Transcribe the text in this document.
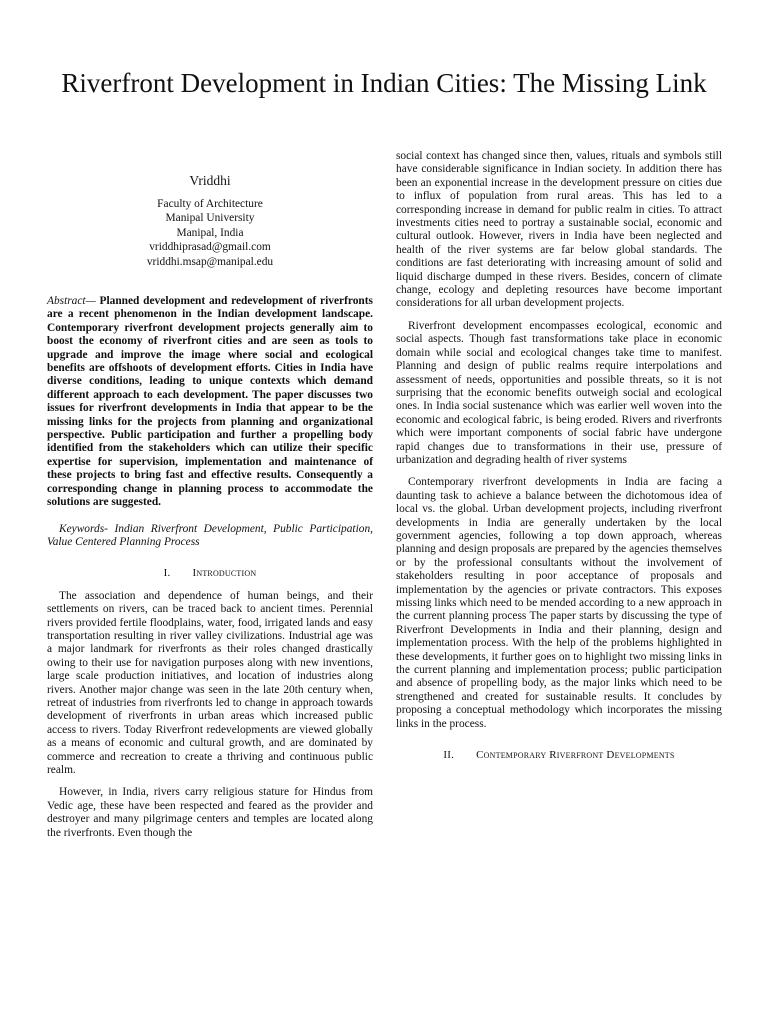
Riverfront Development in Indian Cities: The Missing Link
Vriddhi
Faculty of Architecture
Manipal University
Manipal, India
vriddhiprasad@gmail.com
vriddhi.msap@manipal.edu
Abstract— Planned development and redevelopment of riverfronts are a recent phenomenon in the Indian development landscape. Contemporary riverfront development projects generally aim to boost the economy of riverfront cities and are seen as tools to upgrade and improve the image where social and ecological benefits are offshoots of development efforts. Cities in India have diverse conditions, leading to unique contexts which demand different approach to each development. The paper discusses two issues for riverfront developments in India that appear to be the missing links for the projects from planning and organizational perspective. Public participation and further a propelling body identified from the stakeholders which can utilize their specific expertise for supervision, implementation and maintenance of these projects to bring fast and effective results. Consequently a corresponding change in planning process to accommodate the solutions are suggested.
Keywords- Indian Riverfront Development, Public Participation, Value Centered Planning Process
I. Introduction

The association and dependence of human beings, and their settlements on rivers, can be traced back to ancient times. Perennial rivers provided fertile floodplains, water, food, irrigated lands and easy transportation resulting in river valley civilizations. Industrial age was a major landmark for riverfronts as their roles changed drastically owing to their use for navigation purposes along with new inventions, large scale production initiatives, and location of industries along rivers. Another major change was seen in the late 20th century when, retreat of industries from riverfronts led to change in approach towards development of riverfronts in urban areas which increased public access to rivers. Today Riverfront redevelopments are viewed globally as a means of economic and cultural growth, and are dominated by commerce and recreation to create a thriving and continuous public realm.

However, in India, rivers carry religious stature for Hindus from Vedic age, these have been respected and feared as the provider and destroyer and many pilgrimage centers and temples are located along the riverfronts. Even though the

social context has changed since then, values, rituals and symbols still have considerable significance in Indian society. In addition there has been an exponential increase in the development pressure on cities due to influx of population from rural areas. This has led to a corresponding increase in demand for public realm in cities. To attract investments cities need to portray a sustainable social, economic and cultural outlook. However, rivers in India have been neglected and health of the river systems are far below global standards. The conditions are fast deteriorating with increasing amount of solid and liquid discharge dumped in these rivers. Besides, concern of climate change, ecology and depleting resources have become important considerations for all urban development projects.

Riverfront development encompasses ecological, economic and social aspects. Though fast transformations take place in economic domain while social and ecological changes take time to manifest. Planning and design of public realms require interpolations and assessment of needs, opportunities and possible threats, so it is not surprising that the economic benefits outweigh social and ecological ones. In India social sustenance which was earlier well woven into the economic and ecological fabric, is being eroded. Rivers and riverfronts which were important components of social fabric have undergone rapid changes due to transformations in their use, pressure of urbanization and degrading health of river systems

Contemporary riverfront developments in India are facing a daunting task to achieve a balance between the dichotomous idea of local vs. the global. Urban development projects, including riverfront developments in India are generally undertaken by the local government agencies, following a top down approach, whereas planning and design proposals are prepared by the agencies themselves or by the professional consultants without the involvement of stakeholders resulting in poor acceptance of proposals and implementation by the agencies or private contractors. This exposes missing links which need to be mended according to a new approach in the current planning process The paper starts by discussing the type of Riverfront Developments in India and their planning, design and implementation process. With the help of the problems highlighted in these developments, it further goes on to highlight two missing links in the current planning and implementation process; public participation and absence of propelling body, as the major links which need to be strengthened and created for sustainable results. It concludes by proposing a conceptual methodology which incorporates the missing links in the process.

II. Contemporary Riverfront Developments
